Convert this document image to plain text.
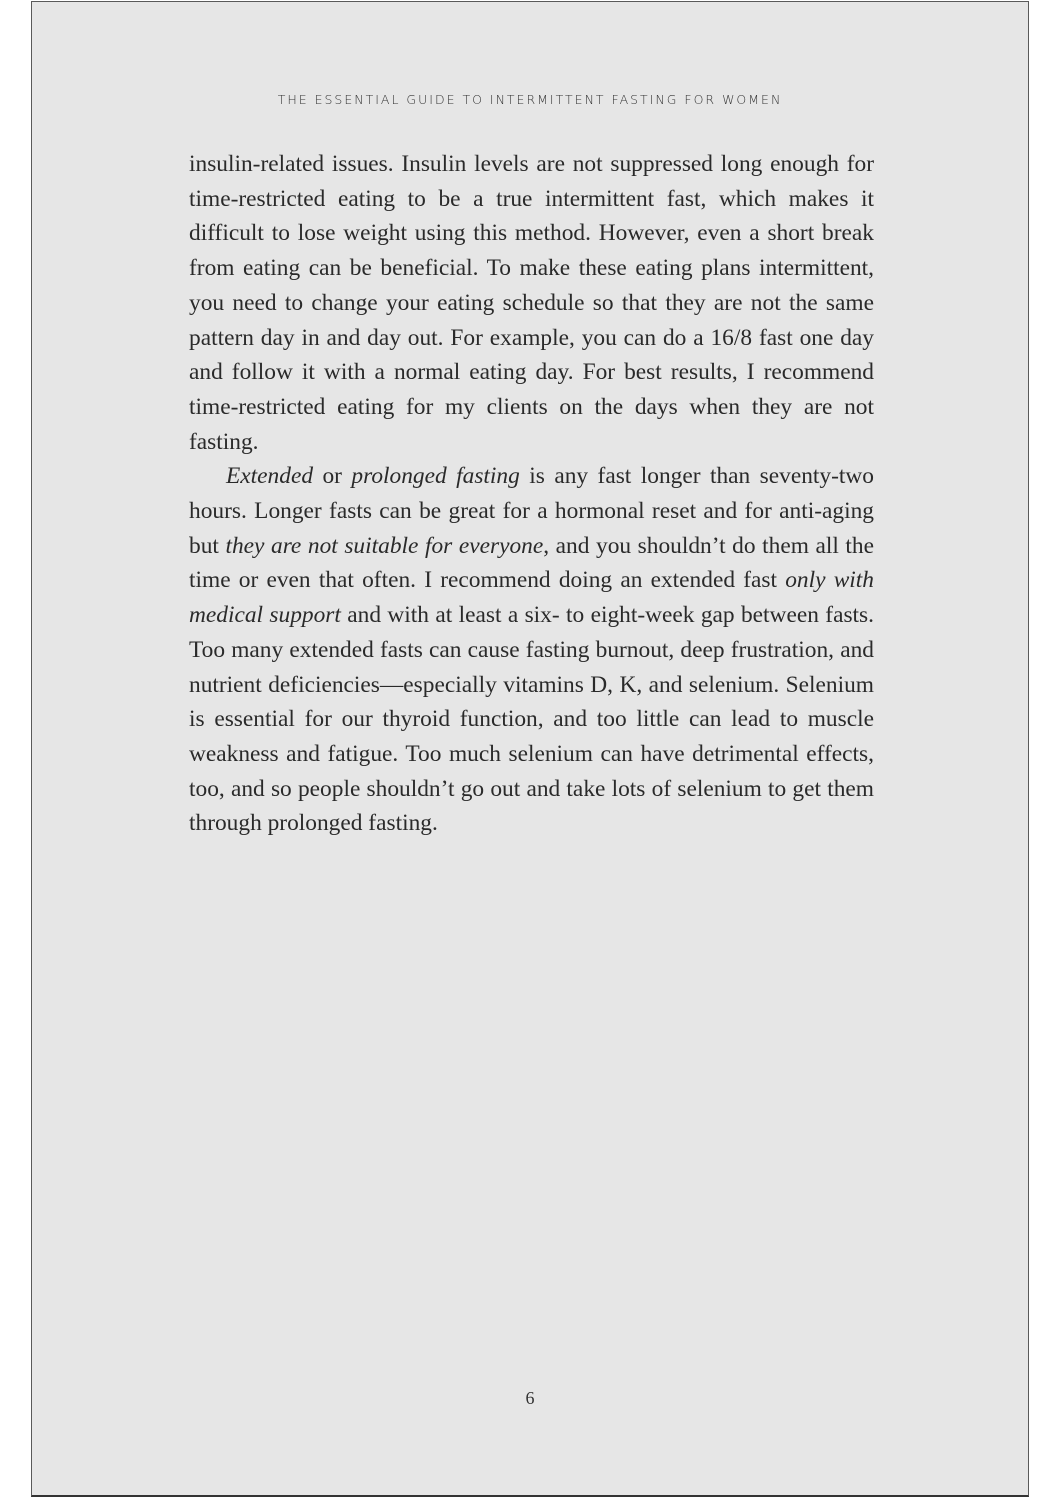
THE ESSENTIAL GUIDE TO INTERMITTENT FASTING FOR WOMEN

insulin-related issues. Insulin levels are not suppressed long enough for time-restricted eating to be a true intermittent fast, which makes it difficult to lose weight using this method. However, even a short break from eating can be beneficial. To make these eating plans intermittent, you need to change your eating schedule so that they are not the same pattern day in and day out. For example, you can do a 16/8 fast one day and follow it with a normal eating day. For best results, I recommend time-restricted eating for my clients on the days when they are not fasting.

Extended or prolonged fasting is any fast longer than seventy-two hours. Longer fasts can be great for a hormonal reset and for anti-aging but they are not suitable for everyone, and you shouldn’t do them all the time or even that often. I recommend doing an extended fast only with medical support and with at least a six- to eight-week gap between fasts. Too many extended fasts can cause fasting burnout, deep frustration, and nutrient deficiencies—especially vitamins D, K, and selenium. Selenium is essential for our thyroid function, and too little can lead to muscle weakness and fatigue. Too much selenium can have detrimental effects, too, and so people shouldn’t go out and take lots of selenium to get them through prolonged fasting.

6
